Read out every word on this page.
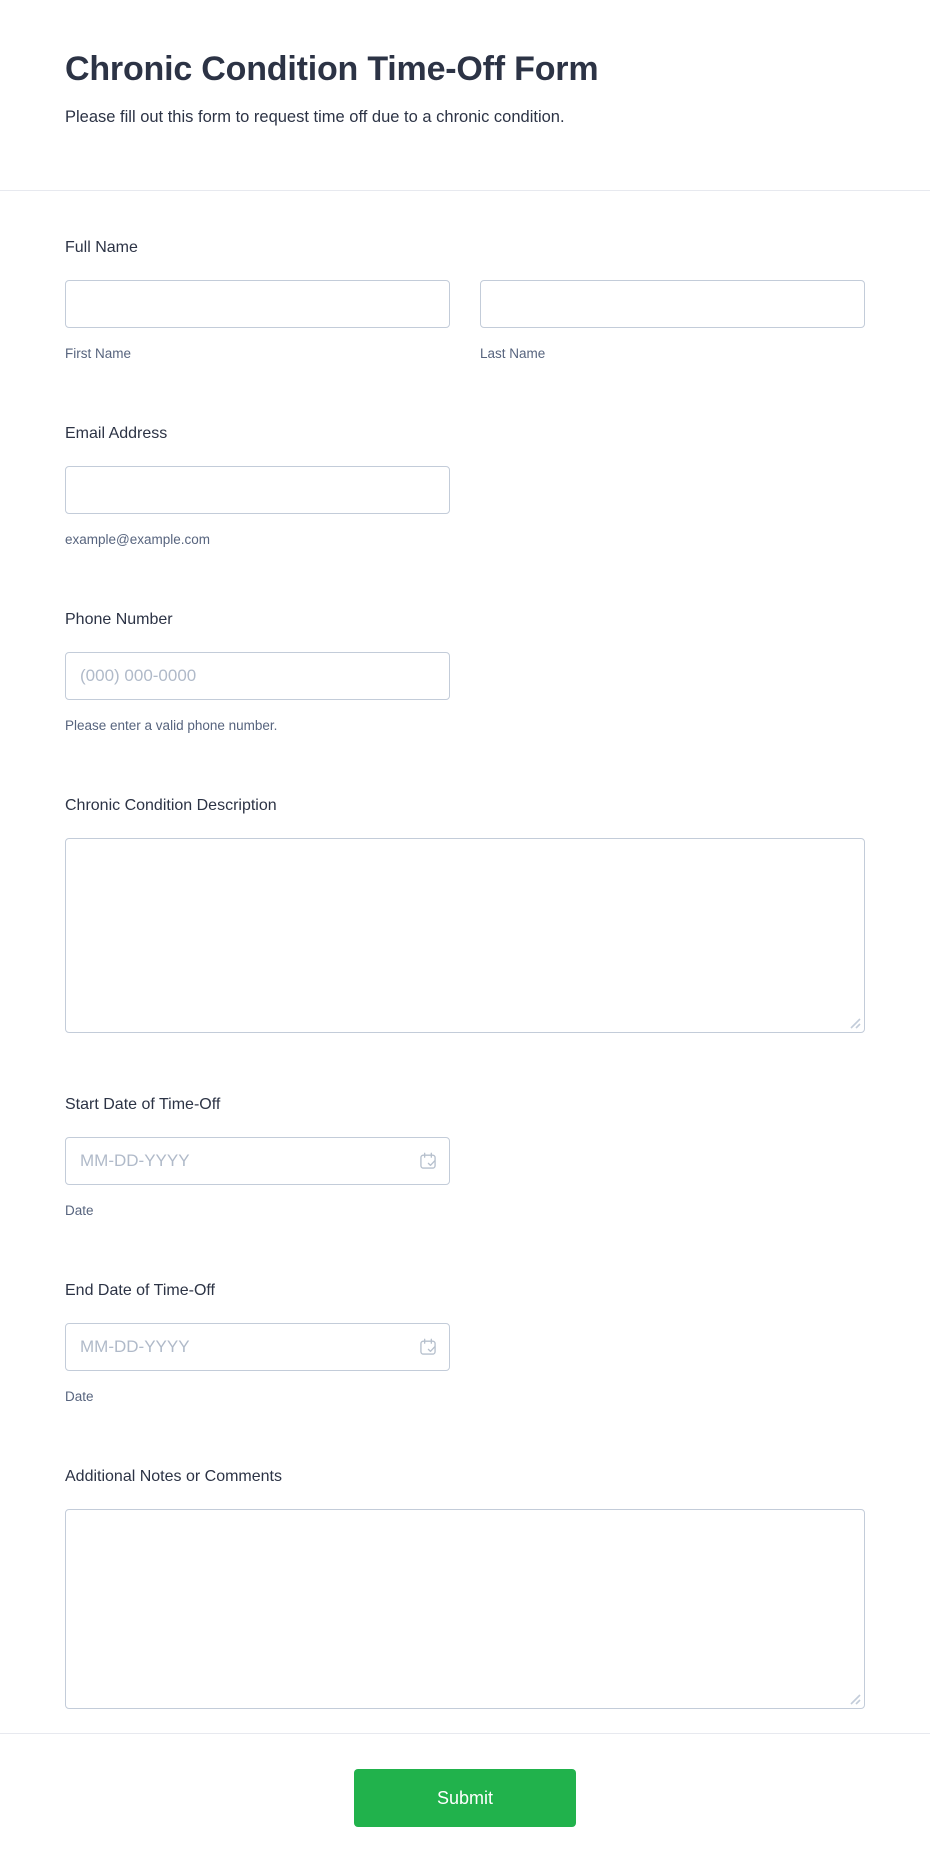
Chronic Condition Time-Off Form

Please fill out this form to request time off due to a chronic condition.

Full Name
First Name	Last Name
Email Address
example@example.com
Phone Number
(000) 000-0000
Please enter a valid phone number.
Chronic Condition Description
Start Date of Time-Off
MM-DD-YYYY
Date
End Date of Time-Off
MM-DD-YYYY
Date
Additional Notes or Comments
Submit
